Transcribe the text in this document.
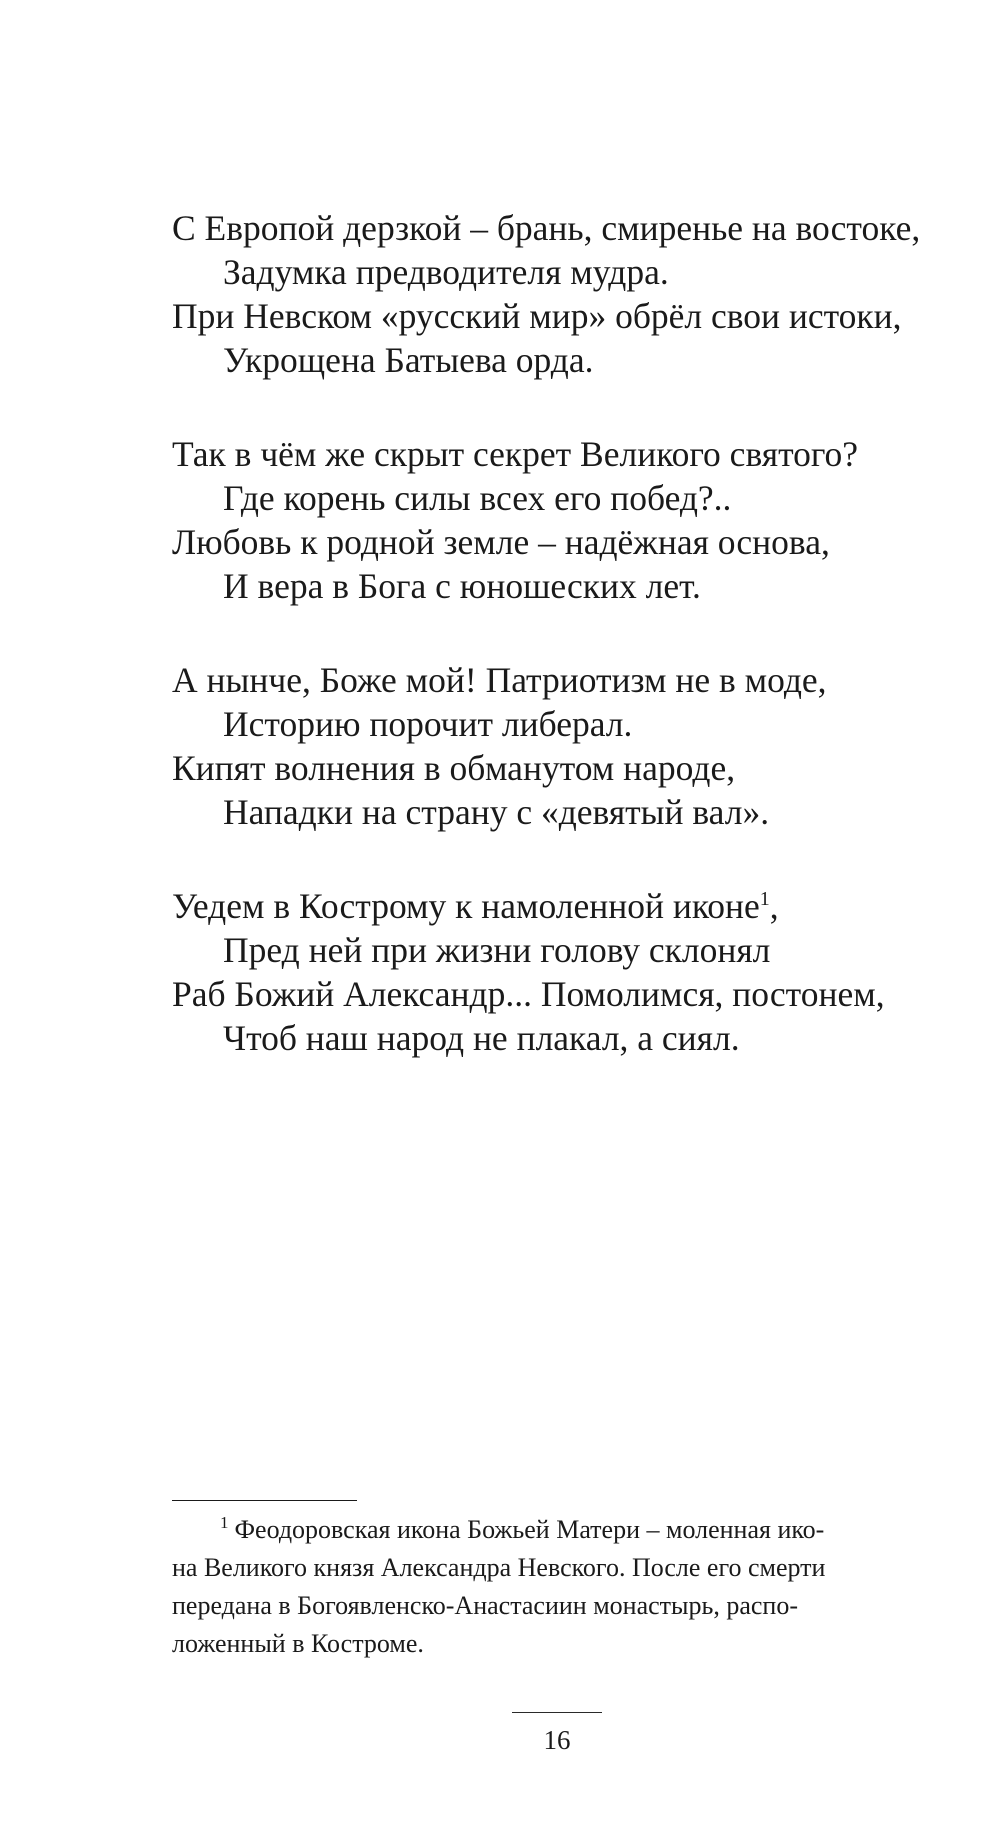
С Европой дерзкой – брань, смиренье на востоке,
Задумка предводителя мудра.
При Невском «русский мир» обрёл свои истоки,
Укрощена Батыева орда.
Так в чём же скрыт секрет Великого святого?
Где корень силы всех его побед?..
Любовь к родной земле – надёжная основа,
И вера в Бога с юношеских лет.
А нынче, Боже мой! Патриотизм не в моде,
Историю порочит либерал.
Кипят волнения в обманутом народе,
Нападки на страну с «девятый вал».
Уедем в Кострому к намоленной иконе$^1$,
Пред ней при жизни голову склонял
Раб Божий Александр... Помолимся, постонем,
Чтоб наш народ не плакал, а сиял.
$^1$ Феодоровская икона Божьей Матери – моленная ико-
на Великого князя Александра Невского. После его смерти
передана в Богоявленско-Анастасиин монастырь, распо-
ложенный в Костроме.
16
